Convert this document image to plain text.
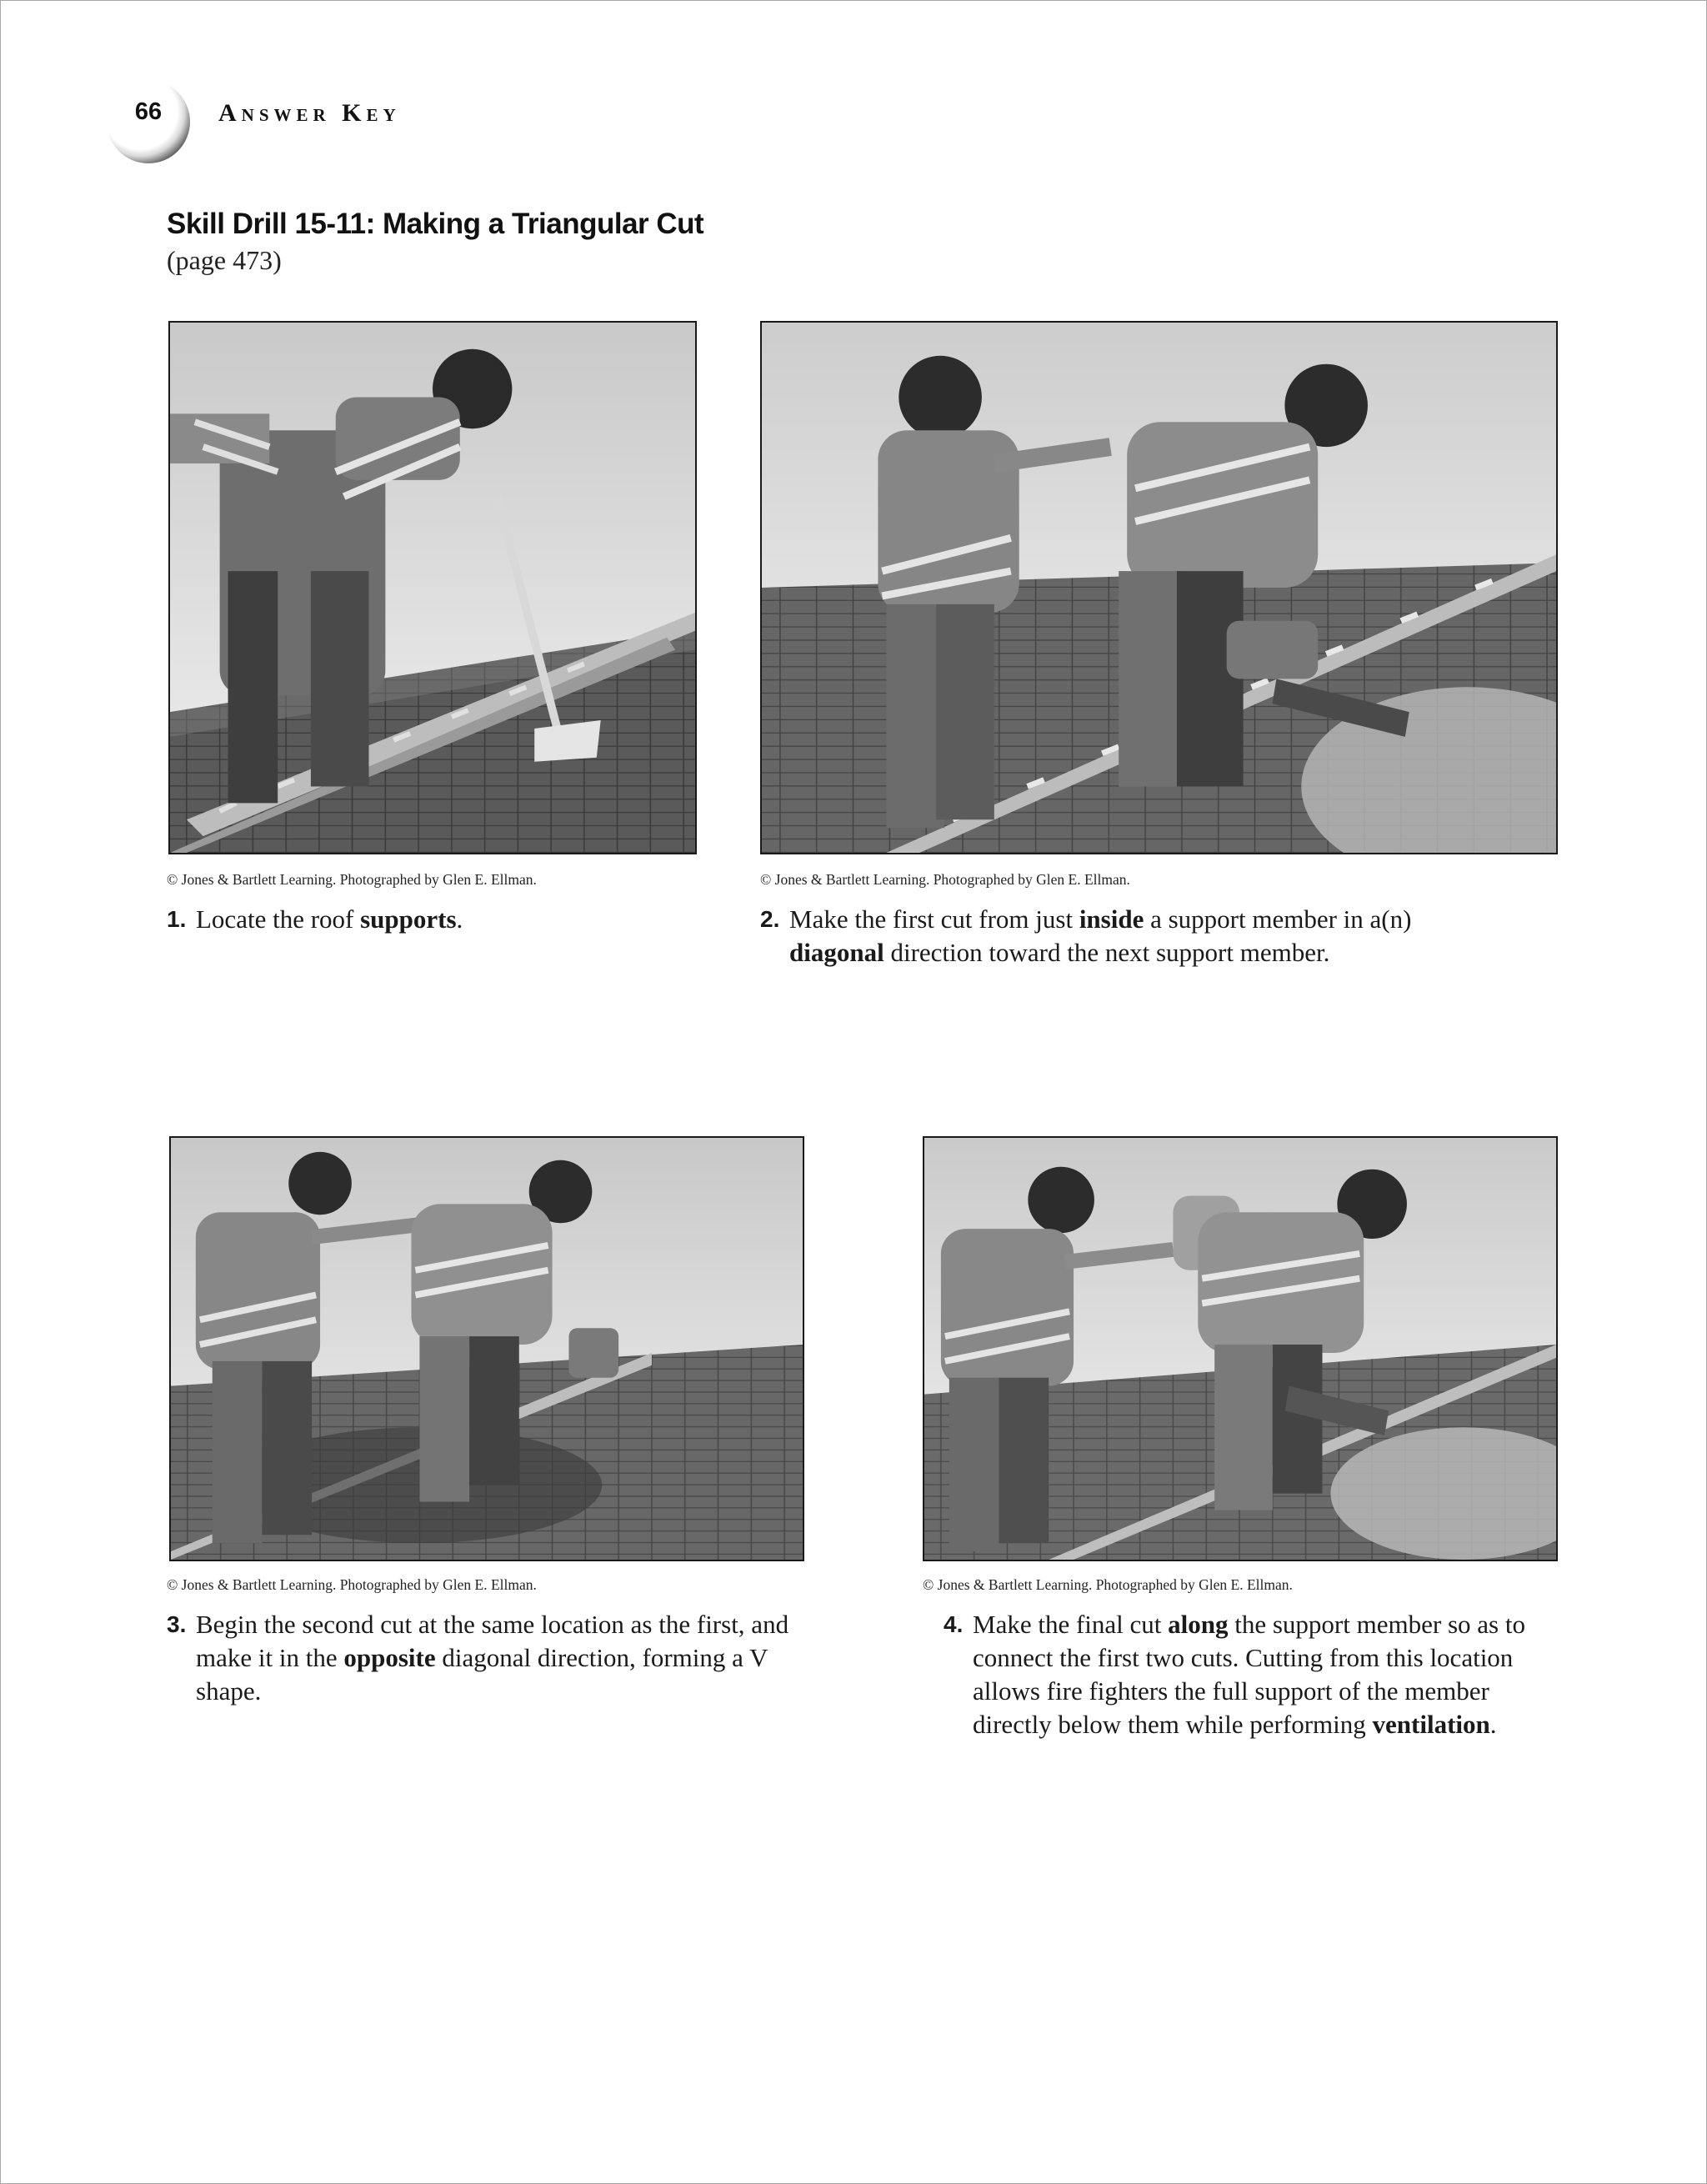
66 Answer Key
Skill Drill 15-11: Making a Triangular Cut
(page 473)
© Jones & Bartlett Learning. Photographed by Glen E. Ellman.
1. Locate the roof supports.
© Jones & Bartlett Learning. Photographed by Glen E. Ellman.
2. Make the first cut from just inside a support member in a(n) diagonal direction toward the next support member.
© Jones & Bartlett Learning. Photographed by Glen E. Ellman.
3. Begin the second cut at the same location as the first, and make it in the opposite diagonal direction, forming a V shape.
© Jones & Bartlett Learning. Photographed by Glen E. Ellman.
4. Make the final cut along the support member so as to connect the first two cuts. Cutting from this location allows fire fighters the full support of the member directly below them while performing ventilation.
